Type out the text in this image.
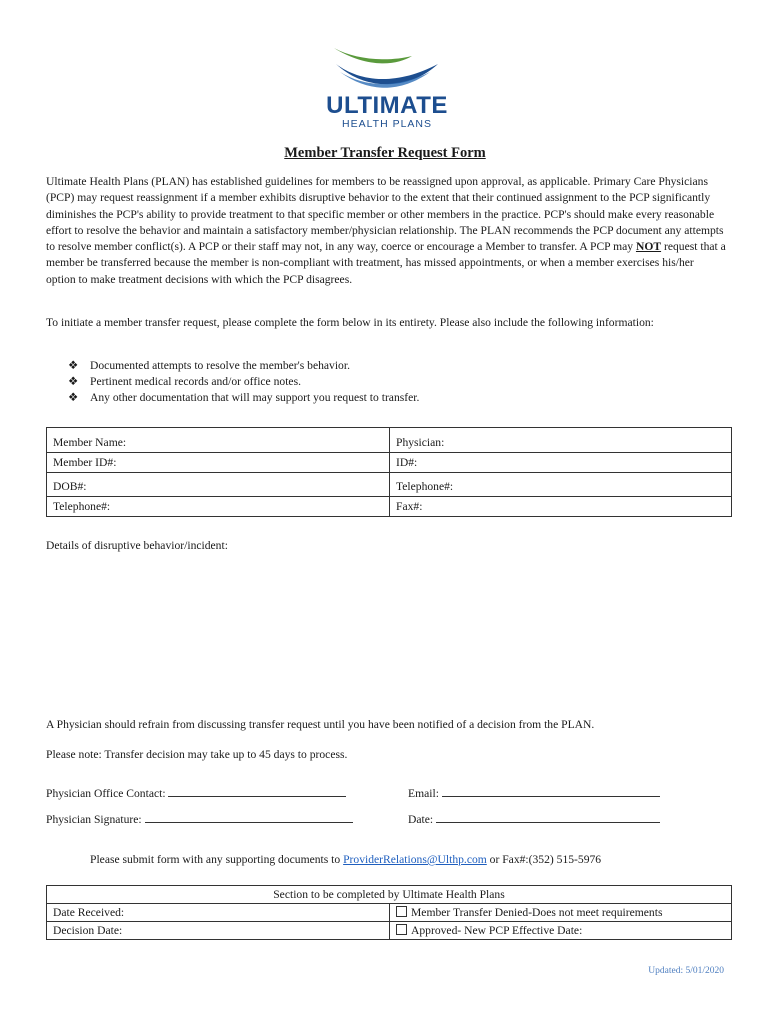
ULTIMATE
HEALTH PLANS
Member Transfer Request Form
Ultimate Health Plans (PLAN) has established guidelines for members to be reassigned upon approval, as applicable. Primary Care Physicians (PCP) may request reassignment if a member exhibits disruptive behavior to the extent that their continued assignment to the PCP significantly diminishes the PCP's ability to provide treatment to that specific member or other members in the practice. PCP's should make every reasonable effort to resolve the behavior and maintain a satisfactory member/physician relationship. The PLAN recommends the PCP document any attempts to resolve member conflict(s). A PCP or their staff may not, in any way, coerce or encourage a Member to transfer. A PCP may NOT request that a member be transferred because the member is non-compliant with treatment, has missed appointments, or when a member exercises his/her option to make treatment decisions with which the PCP disagrees.
To initiate a member transfer request, please complete the form below in its entirety. Please also include the following information:
❖ Documented attempts to resolve the member's behavior.
❖ Pertinent medical records and/or office notes.
❖ Any other documentation that will may support you request to transfer.
Member Name:	Physician:
Member ID#:	ID#:
DOB#:	Telephone#:
Telephone#:	Fax#:
Details of disruptive behavior/incident:
A Physician should refrain from discussing transfer request until you have been notified of a decision from the PLAN.
Please note: Transfer decision may take up to 45 days to process.
Physician Office Contact:	Email:
Physician Signature:	Date:
Please submit form with any supporting documents to ProviderRelations@Ulthp.com or Fax#:(352) 515-5976
Section to be completed by Ultimate Health Plans	
Date Received:	Member Transfer Denied-Does not meet requirements
Decision Date:	Approved- New PCP Effective Date:
Updated: 5/01/2020
